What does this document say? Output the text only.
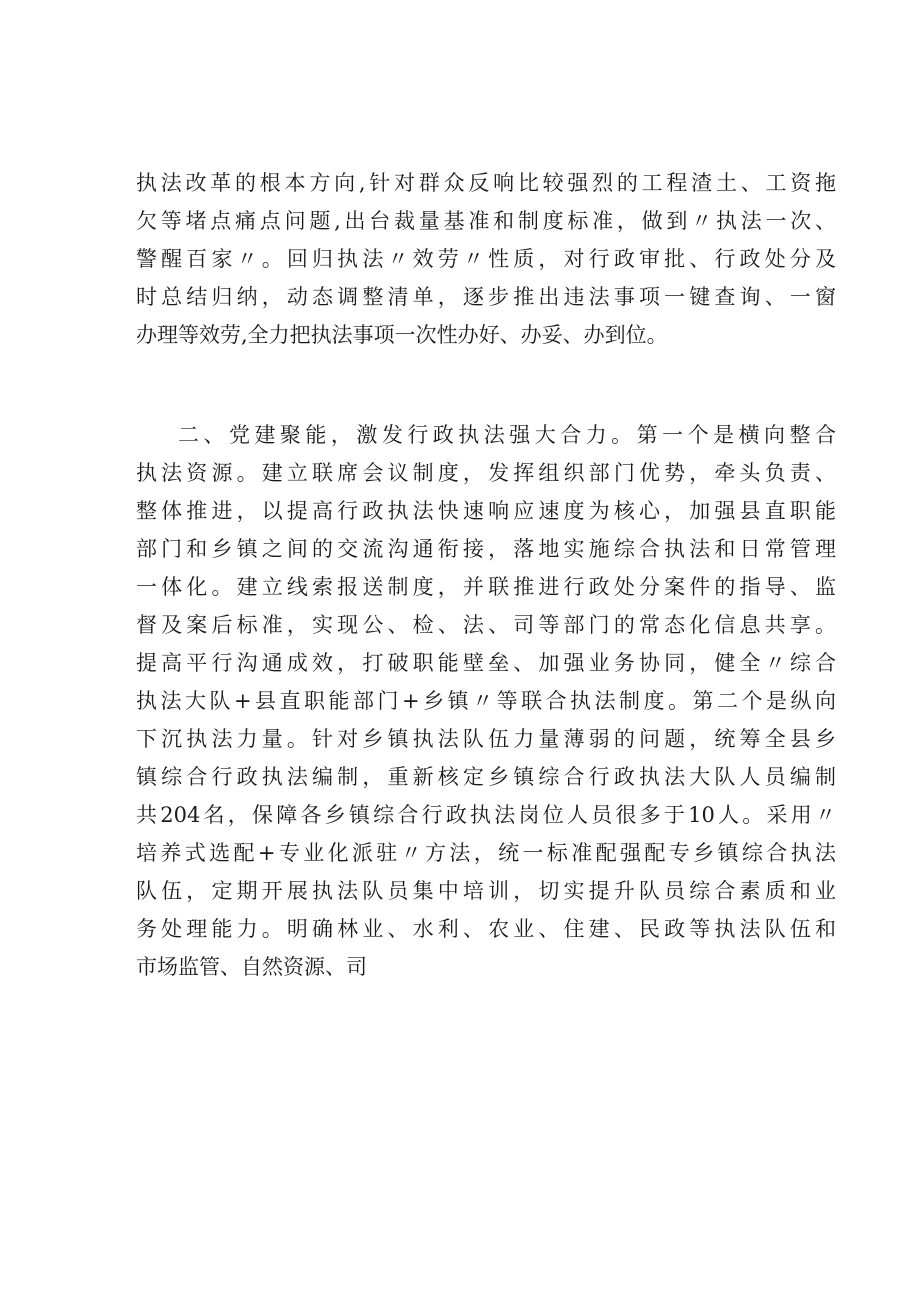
执法改革的根本方向,针对群众反响比较强烈的工程渣土、工资拖
欠等堵点痛点问题,出台裁量基准和制度标准，做到〃执法一次、
警醒百家〃。回归执法〃效劳〃性质，对行政审批、行政处分及
时总结归纳，动态调整清单，逐步推出违法事项一键查询、一窗
办理等效劳,全力把执法事项一次性办好、办妥、办到位。
二、党建聚能，激发行政执法强大合力。第一个是横向整合
执法资源。建立联席会议制度，发挥组织部门优势，牵头负责、
整体推进，以提高行政执法快速响应速度为核心，加强县直职能
部门和乡镇之间的交流沟通衔接，落地实施综合执法和日常管理
一体化。建立线索报送制度，并联推进行政处分案件的指导、监
督及案后标准，实现公、检、法、司等部门的常态化信息共享。
提高平行沟通成效，打破职能壁垒、加强业务协同，健全〃综合
执法大队+县直职能部门+乡镇〃等联合执法制度。第二个是纵向
下沉执法力量。针对乡镇执法队伍力量薄弱的问题，统筹全县乡
镇综合行政执法编制，重新核定乡镇综合行政执法大队人员编制
共204名，保障各乡镇综合行政执法岗位人员很多于10人。采用〃
培养式选配+专业化派驻〃方法，统一标准配强配专乡镇综合执法
队伍，定期开展执法队员集中培训，切实提升队员综合素质和业
务处理能力。明确林业、水利、农业、住建、民政等执法队伍和
市场监管、自然资源、司
